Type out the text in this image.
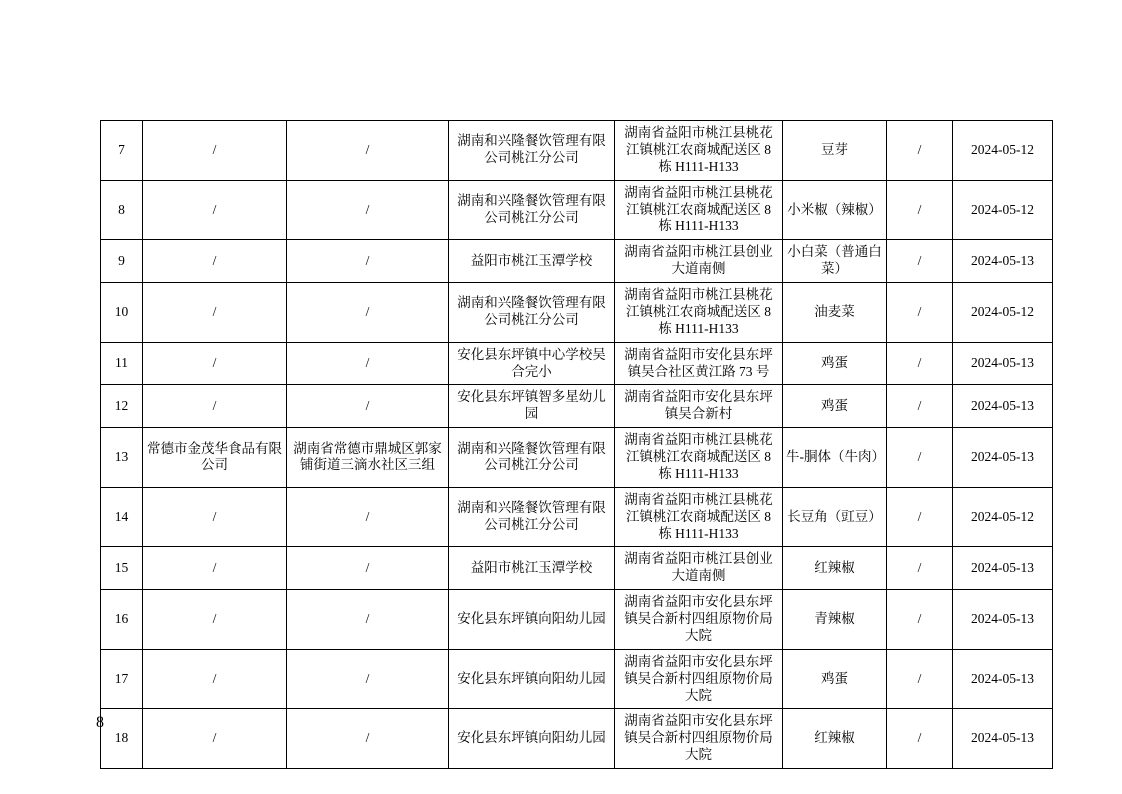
7	/	/	湖南和兴隆餐饮管理有限公司桃江分公司	湖南省益阳市桃江县桃花江镇桃江农商城配送区 8 栋 H111-H133	豆芽	/	2024-05-12
8	/	/	湖南和兴隆餐饮管理有限公司桃江分公司	湖南省益阳市桃江县桃花江镇桃江农商城配送区 8 栋 H111-H133	小米椒（辣椒）	/	2024-05-12
9	/	/	益阳市桃江玉潭学校	湖南省益阳市桃江县创业大道南侧	小白菜（普通白菜）	/	2024-05-13
10	/	/	湖南和兴隆餐饮管理有限公司桃江分公司	湖南省益阳市桃江县桃花江镇桃江农商城配送区 8 栋 H111-H133	油麦菜	/	2024-05-12
11	/	/	安化县东坪镇中心学校吴合完小	湖南省益阳市安化县东坪镇吴合社区黄江路 73 号	鸡蛋	/	2024-05-13
12	/	/	安化县东坪镇智多星幼儿园	湖南省益阳市安化县东坪镇吴合新村	鸡蛋	/	2024-05-13
13	常德市金茂华食品有限公司	湖南省常德市鼎城区郭家铺街道三滴水社区三组	湖南和兴隆餐饮管理有限公司桃江分公司	湖南省益阳市桃江县桃花江镇桃江农商城配送区 8 栋 H111-H133	牛-胴体（牛肉）	/	2024-05-13
14	/	/	湖南和兴隆餐饮管理有限公司桃江分公司	湖南省益阳市桃江县桃花江镇桃江农商城配送区 8 栋 H111-H133	长豆角（豇豆）	/	2024-05-12
15	/	/	益阳市桃江玉潭学校	湖南省益阳市桃江县创业大道南侧	红辣椒	/	2024-05-13
16	/	/	安化县东坪镇向阳幼儿园	湖南省益阳市安化县东坪镇吴合新村四组原物价局大院	青辣椒	/	2024-05-13
17	/	/	安化县东坪镇向阳幼儿园	湖南省益阳市安化县东坪镇吴合新村四组原物价局大院	鸡蛋	/	2024-05-13
18	/	/	安化县东坪镇向阳幼儿园	湖南省益阳市安化县东坪镇吴合新村四组原物价局大院	红辣椒	/	2024-05-13
8
